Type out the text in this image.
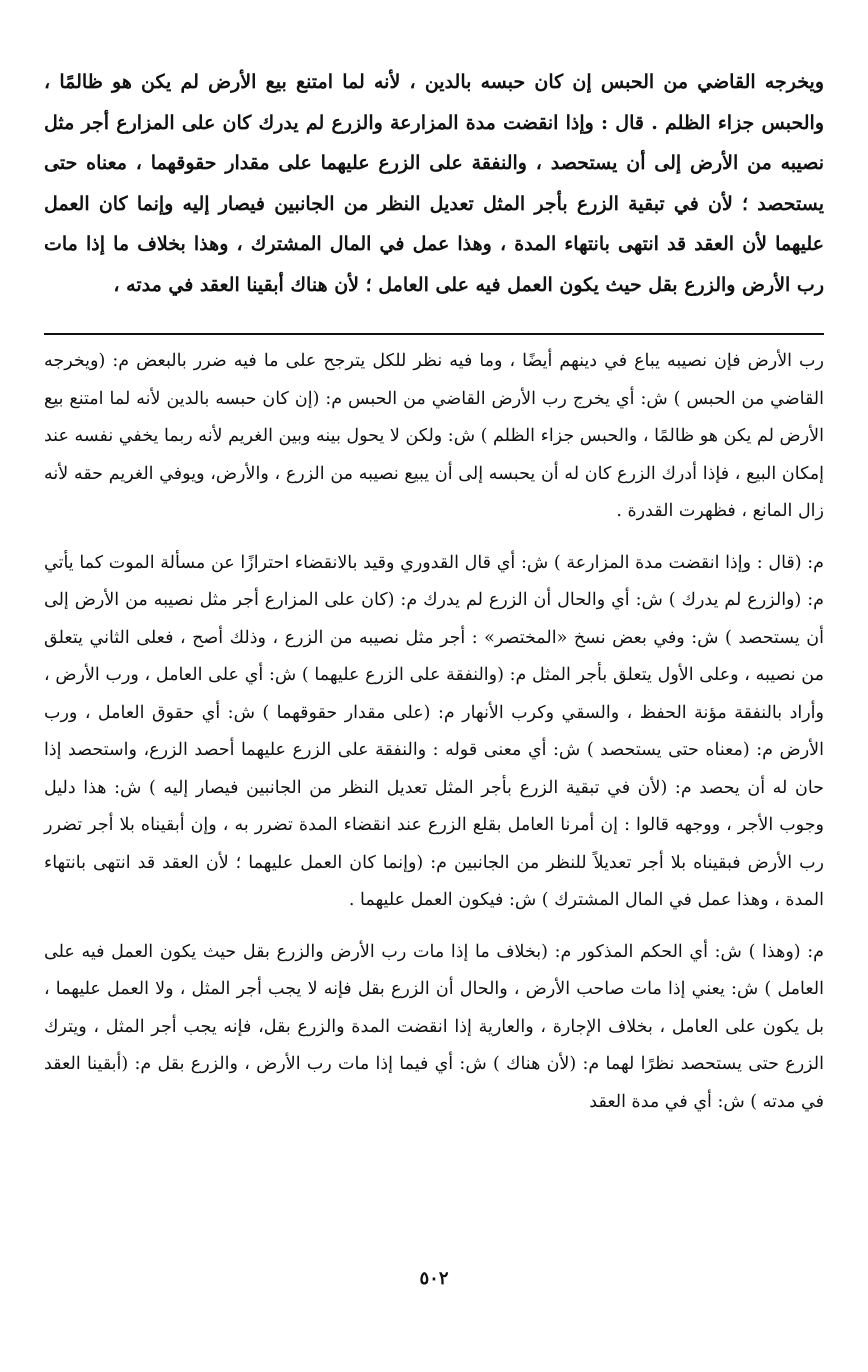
ويخرجه القاضي من الحبس إن كان حبسه بالدين ، لأنه لما امتنع بيع الأرض لم يكن هو ظالمًا ، والحبس جزاء الظلم . قال : وإذا انقضت مدة المزارعة والزرع لم يدرك كان على المزارع أجر مثل نصيبه من الأرض إلى أن يستحصد ، والنفقة على الزرع عليهما على مقدار حقوقهما ، معناه حتى يستحصد ؛ لأن في تبقية الزرع بأجر المثل تعديل النظر من الجانبين فيصار إليه وإنما كان العمل عليهما لأن العقد قد انتهى بانتهاء المدة ، وهذا عمل في المال المشترك ، وهذا بخلاف ما إذا مات رب الأرض والزرع بقل حيث يكون العمل فيه على العامل ؛ لأن هناك أبقينا العقد في مدته ،

رب الأرض فإن نصيبه يباع في دينهم أيضًا ، وما فيه نظر للكل يترجح على ما فيه ضرر بالبعض م: (ويخرجه القاضي من الحبس ) ش: أي يخرج رب الأرض القاضي من الحبس م: (إن كان حبسه بالدين لأنه لما امتنع بيع الأرض لم يكن هو ظالمًا ، والحبس جزاء الظلم ) ش: ولكن لا يحول بينه وبين الغريم لأنه ربما يخفي نفسه عند إمكان البيع ، فإذا أدرك الزرع كان له أن يحبسه إلى أن يبيع نصيبه من الزرع ، والأرض، ويوفي الغريم حقه لأنه زال المانع ، فظهرت القدرة .

م: (قال : وإذا انقضت مدة المزارعة ) ش: أي قال القدوري وقيد بالانقضاء احترازًا عن مسألة الموت كما يأتي م: (والزرع لم يدرك ) ش: أي والحال أن الزرع لم يدرك م: (كان على المزارع أجر مثل نصيبه من الأرض إلى أن يستحصد ) ش: وفي بعض نسخ «المختصر» : أجر مثل نصيبه من الزرع ، وذلك أصح ، فعلى الثاني يتعلق من نصيبه ، وعلى الأول يتعلق بأجر المثل م: (والنفقة على الزرع عليهما ) ش: أي على العامل ، ورب الأرض ، وأراد بالنفقة مؤنة الحفظ ، والسقي وكرب الأنهار م: (على مقدار حقوقهما ) ش: أي حقوق العامل ، ورب الأرض م: (معناه حتى يستحصد ) ش: أي معنى قوله : والنفقة على الزرع عليهما أحصد الزرع، واستحصد إذا حان له أن يحصد م: (لأن في تبقية الزرع بأجر المثل تعديل النظر من الجانبين فيصار إليه ) ش: هذا دليل وجوب الأجر ، ووجهه قالوا : إن أمرنا العامل بقلع الزرع عند انقضاء المدة تضرر به ، وإن أبقيناه بلا أجر تضرر رب الأرض فبقيناه بلا أجر تعديلاً للنظر من الجانبين م: (وإنما كان العمل عليهما ؛ لأن العقد قد انتهى بانتهاء المدة ، وهذا عمل في المال المشترك ) ش: فيكون العمل عليهما .

م: (وهذا ) ش: أي الحكم المذكور م: (بخلاف ما إذا مات رب الأرض والزرع بقل حيث يكون العمل فيه على العامل ) ش: يعني إذا مات صاحب الأرض ، والحال أن الزرع بقل فإنه لا يجب أجر المثل ، ولا العمل عليهما ، بل يكون على العامل ، بخلاف الإجارة ، والعارية إذا انقضت المدة والزرع بقل، فإنه يجب أجر المثل ، ويترك الزرع حتى يستحصد نظرًا لهما م: (لأن هناك ) ش: أي فيما إذا مات رب الأرض ، والزرع بقل م: (أبقينا العقد في مدته ) ش: أي في مدة العقد

٥٠٢
